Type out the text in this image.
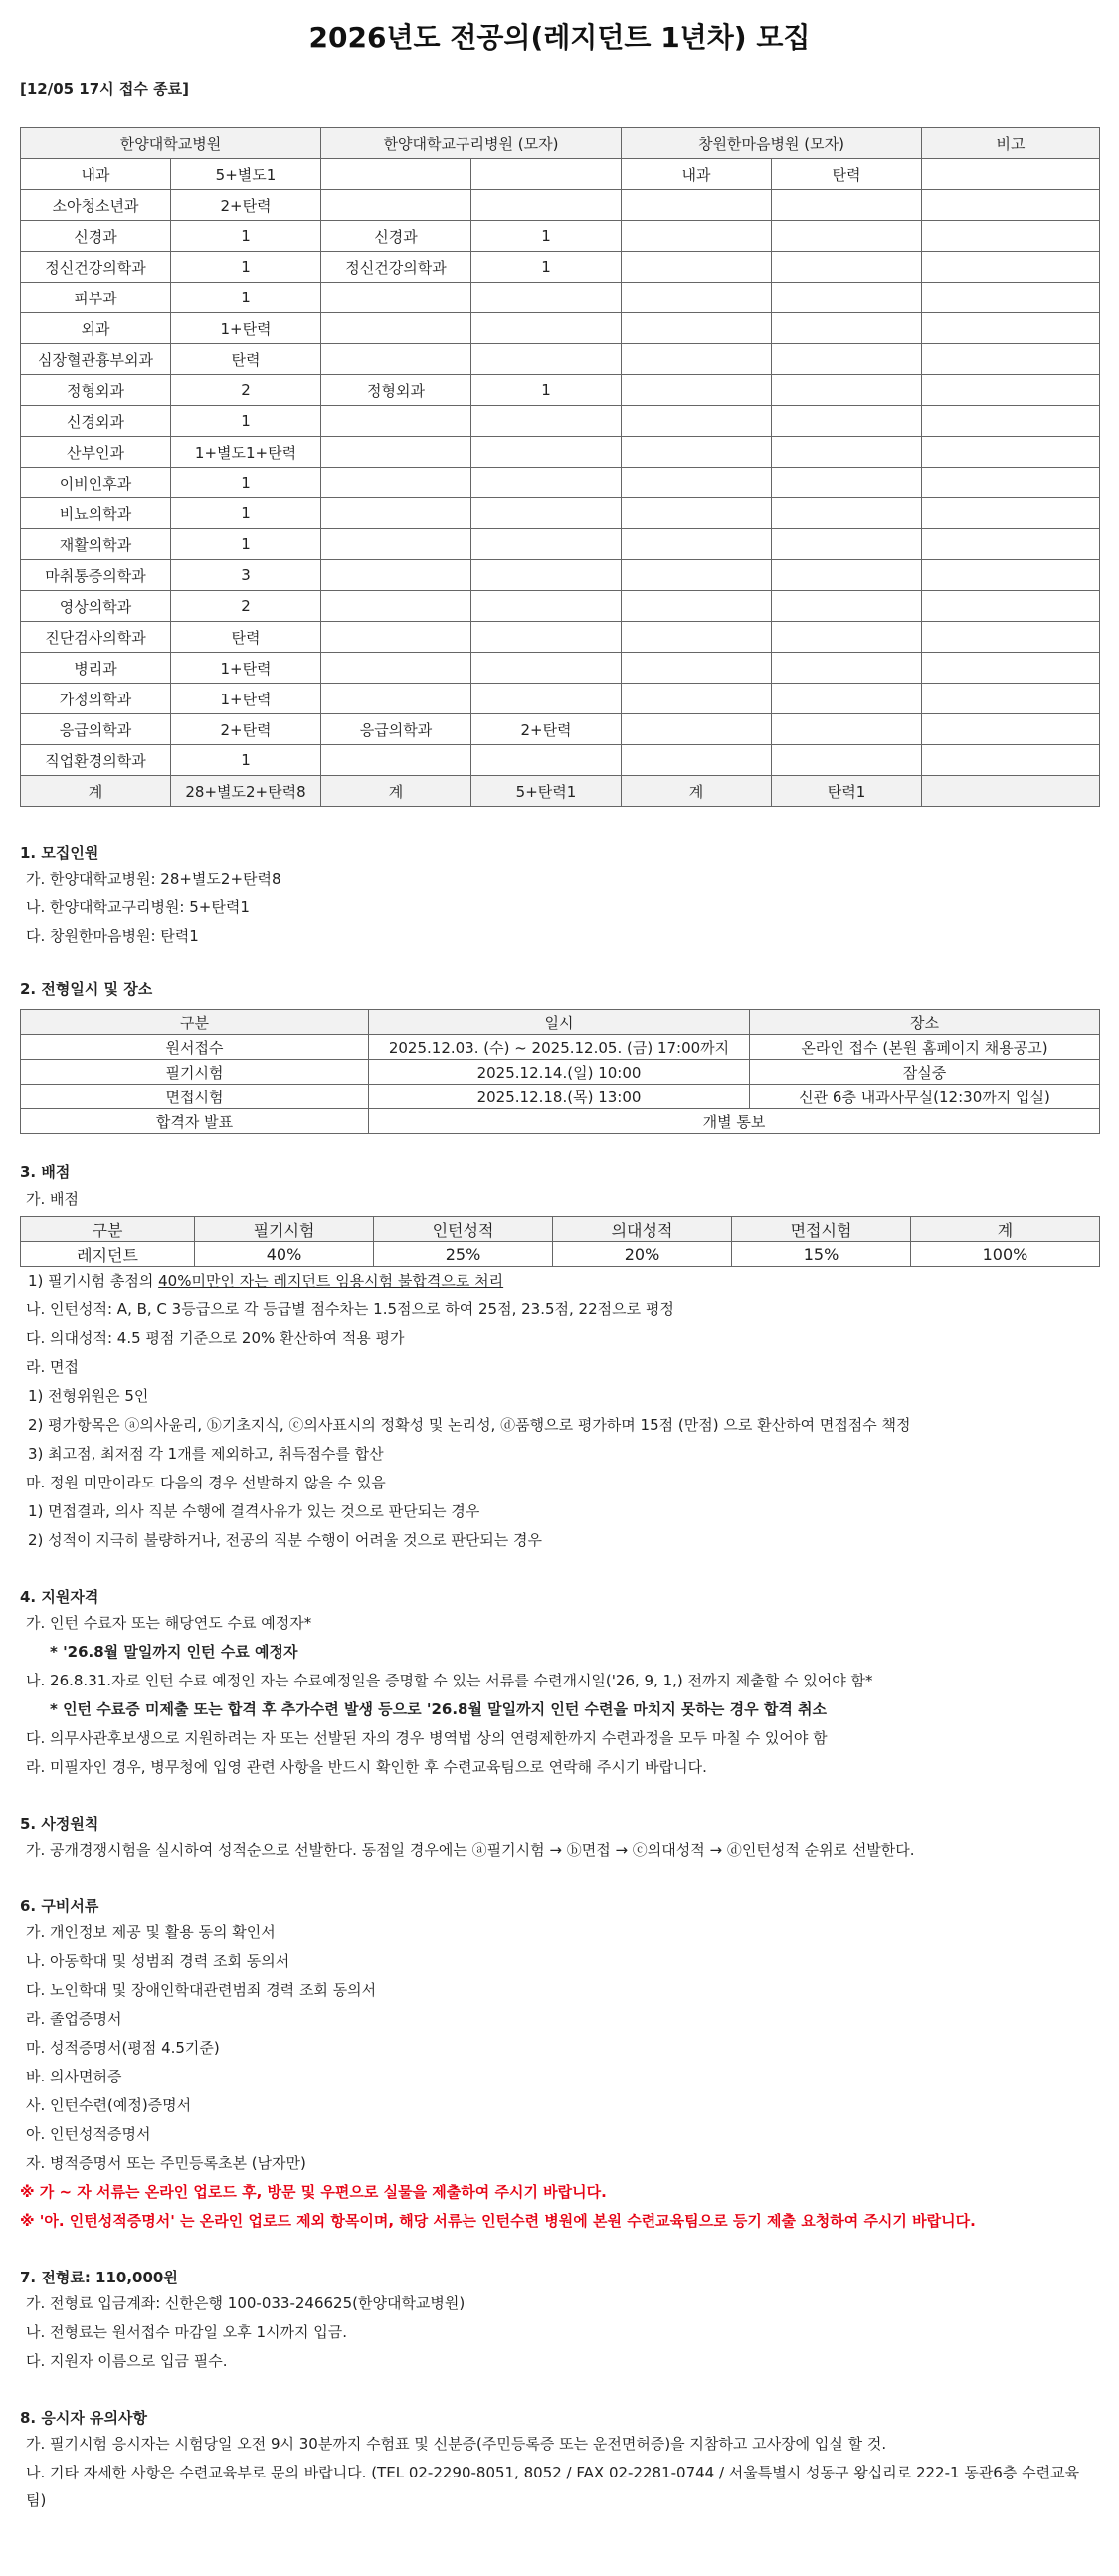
2026년도 전공의(레지던트 1년차) 모집
[12/05 17시 접수 종료]
한양대학교병원		한양대학교구리병원 (모자)		창원한마음병원 (모자)		비고
내과	5+별도1			내과	탄력	
소아청소년과	2+탄력					
신경과	1	신경과	1			
정신건강의학과	1	정신건강의학과	1			
피부과	1					
외과	1+탄력					
심장혈관흉부외과	탄력					
정형외과	2	정형외과	1			
신경외과	1					
산부인과	1+별도1+탄력					
이비인후과	1					
비뇨의학과	1					
재활의학과	1					
마취통증의학과	3					
영상의학과	2					
진단검사의학과	탄력					
병리과	1+탄력					
가정의학과	1+탄력					
응급의학과	2+탄력	응급의학과	2+탄력			
직업환경의학과	1					
계	28+별도2+탄력8	계	5+탄력1	계	탄력1	
1. 모집인원
가. 한양대학교병원: 28+별도2+탄력8
나. 한양대학교구리병원: 5+탄력1
다. 창원한마음병원: 탄력1
2. 전형일시 및 장소
구분	일시	장소
원서접수	2025.12.03. (수) ~ 2025.12.05. (금) 17:00까지	온라인 접수 (본원 홈페이지 채용공고)
필기시험	2025.12.14.(일) 10:00	잠실중
면접시험	2025.12.18.(목) 13:00	신관 6층 내과사무실(12:30까지 입실)
합격자 발표	개별 통보	
3. 배점
가. 배점
구분	필기시험	인턴성적	의대성적	면접시험	계
레지던트	40%	25%	20%	15%	100%
1) 필기시험 총점의 40%미만인 자는 레지던트 임용시험 불합격으로 처리
나. 인턴성적: A, B, C 3등급으로 각 등급별 점수차는 1.5점으로 하여 25점, 23.5점, 22점으로 평정
다. 의대성적: 4.5 평점 기준으로 20% 환산하여 적용 평가
라. 면접
1) 전형위원은 5인
2) 평가항목은 ⓐ의사윤리, ⓑ기초지식, ⓒ의사표시의 정확성 및 논리성, ⓓ품행으로 평가하며 15점 (만점) 으로 환산하여 면접점수 책정
3) 최고점, 최저점 각 1개를 제외하고, 취득점수를 합산
마. 정원 미만이라도 다음의 경우 선발하지 않을 수 있음
1) 면접결과, 의사 직분 수행에 결격사유가 있는 것으로 판단되는 경우
2) 성적이 지극히 불량하거나, 전공의 직분 수행이 어려울 것으로 판단되는 경우
4. 지원자격
가. 인턴 수료자 또는 해당연도 수료 예정자*
* '26.8월 말일까지 인턴 수료 예정자
나. 26.8.31.자로 인턴 수료 예정인 자는 수료예정일을 증명할 수 있는 서류를 수련개시일('26, 9, 1,) 전까지 제출할 수 있어야 함*
* 인턴 수료증 미제출 또는 합격 후 추가수련 발생 등으로 '26.8월 말일까지 인턴 수련을 마치지 못하는 경우 합격 취소
다. 의무사관후보생으로 지원하려는 자 또는 선발된 자의 경우 병역법 상의 연령제한까지 수련과정을 모두 마칠 수 있어야 함
라. 미필자인 경우, 병무청에 입영 관련 사항을 반드시 확인한 후 수련교육팀으로 연락해 주시기 바랍니다.
5. 사정원칙
가. 공개경쟁시험을 실시하여 성적순으로 선발한다. 동점일 경우에는 ⓐ필기시험 → ⓑ면접 → ⓒ의대성적 → ⓓ인턴성적 순위로 선발한다.
6. 구비서류
가. 개인정보 제공 및 활용 동의 확인서
나. 아동학대 및 성범죄 경력 조회 동의서
다. 노인학대 및 장애인학대관련범죄 경력 조회 동의서
라. 졸업증명서
마. 성적증명서(평점 4.5기준)
바. 의사면허증
사. 인턴수련(예정)증명서
아. 인턴성적증명서
자. 병적증명서 또는 주민등록초본 (남자만)
※ 가 ~ 자 서류는 온라인 업로드 후, 방문 및 우편으로 실물을 제출하여 주시기 바랍니다.
※ '아. 인턴성적증명서' 는 온라인 업로드 제외 항목이며, 해당 서류는 인턴수련 병원에 본원 수련교육팀으로 등기 제출 요청하여 주시기 바랍니다.
7. 전형료: 110,000원
가. 전형료 입금계좌: 신한은행 100-033-246625(한양대학교병원)
나. 전형료는 원서접수 마감일 오후 1시까지 입금.
다. 지원자 이름으로 입금 필수.
8. 응시자 유의사항
가. 필기시험 응시자는 시험당일 오전 9시 30분까지 수험표 및 신분증(주민등록증 또는 운전면허증)을 지참하고 고사장에 입실 할 것.
나. 기타 자세한 사항은 수련교육부로 문의 바랍니다. (TEL 02-2290-8051, 8052 / FAX 02-2281-0744 / 서울특별시 성동구 왕십리로 222-1 동관6층 수련교육팀)
